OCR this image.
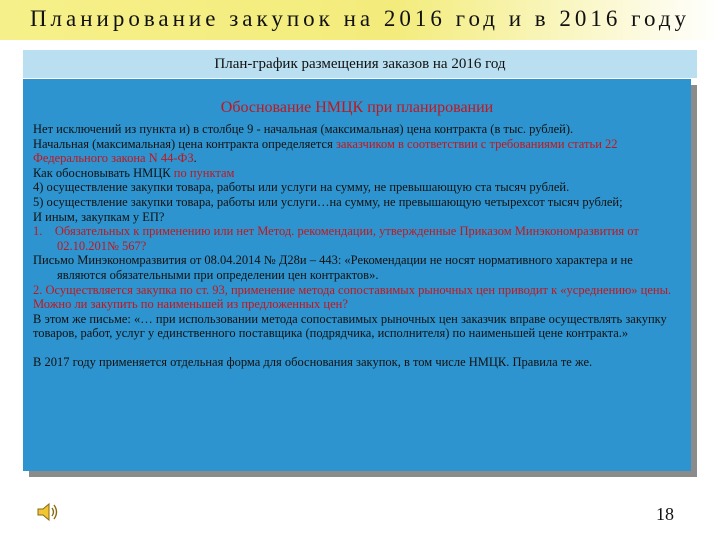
Планирование закупок на 2016 год и в 2016 году
План-график размещения заказов на 2016 год
Обоснование НМЦК при планировании

Нет исключений из пункта и) в столбце 9 - начальная (максимальная) цена контракта (в тыс. рублей).

Начальная (максимальная) цена контракта определяется заказчиком в соответствии с требованиями статьи 22 Федерального закона N 44-ФЗ.

Как обосновывать НМЦК по пунктам

4) осуществление закупки товара, работы или услуги на сумму, не превышающую ста тысяч рублей.

5) осуществление закупки товара, работы или услуги…на сумму, не превышающую четырехсот тысяч рублей;

И иным, закупкам у ЕП?

1. Обязательных к применению или нет Метод. рекомендации, утвержденные Приказом Минэкономразвития от 02.10.201№ 567?

Письмо Минэкономразвития от 08.04.2014 № Д28и – 443: «Рекомендации не носят нормативного характера и не являются обязательными при определении цен контрактов».

2. Осуществляется закупка по ст. 93, применение метода сопоставимых рыночных цен приводит к «усреднению» цены. Можно ли закупить по наименьшей из предложенных цен?

В этом же письме: «… при использовании метода сопоставимых рыночных цен заказчик вправе осуществлять закупку товаров, работ, услуг у единственного поставщика (подрядчика, исполнителя) по наименьшей цене контракта.»

В 2017 году применяется отдельная форма для обоснования закупок, в том числе НМЦК. Правила те же.

18
